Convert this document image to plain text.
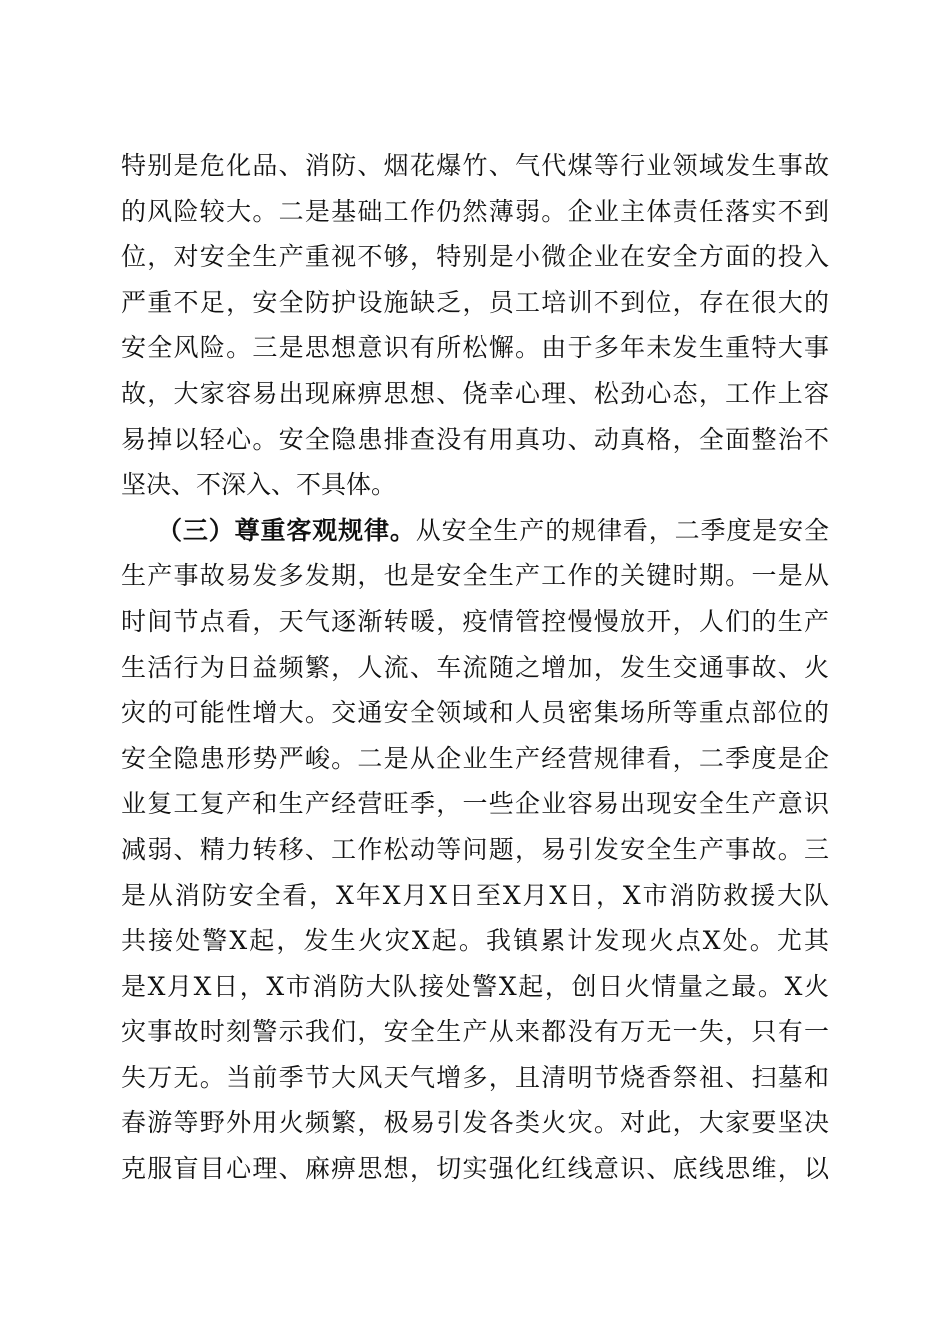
特别是危化品、消防、烟花爆竹、气代煤等行业领域发生事故
的风险较大。二是基础工作仍然薄弱。企业主体责任落实不到
位，对安全生产重视不够，特别是小微企业在安全方面的投入
严重不足，安全防护设施缺乏，员工培训不到位，存在很大的
安全风险。三是思想意识有所松懈。由于多年未发生重特大事
故，大家容易出现麻痹思想、侥幸心理、松劲心态，工作上容
易掉以轻心。安全隐患排查没有用真功、动真格，全面整治不
坚决、不深入、不具体。
（三）尊重客观规律。从安全生产的规律看，二季度是安全
生产事故易发多发期，也是安全生产工作的关键时期。一是从
时间节点看，天气逐渐转暖，疫情管控慢慢放开，人们的生产
生活行为日益频繁，人流、车流随之增加，发生交通事故、火
灾的可能性增大。交通安全领域和人员密集场所等重点部位的
安全隐患形势严峻。二是从企业生产经营规律看，二季度是企
业复工复产和生产经营旺季，一些企业容易出现安全生产意识
减弱、精力转移、工作松动等问题，易引发安全生产事故。三
是从消防安全看，X年X月X日至X月X日，X市消防救援大队
共接处警X起，发生火灾X起。我镇累计发现火点X处。尤其
是X月X日，X市消防大队接处警X起，创日火情量之最。X火
灾事故时刻警示我们，安全生产从来都没有万无一失，只有一
失万无。当前季节大风天气增多，且清明节烧香祭祖、扫墓和
春游等野外用火频繁，极易引发各类火灾。对此，大家要坚决
克服盲目心理、麻痹思想，切实强化红线意识、底线思维，以
